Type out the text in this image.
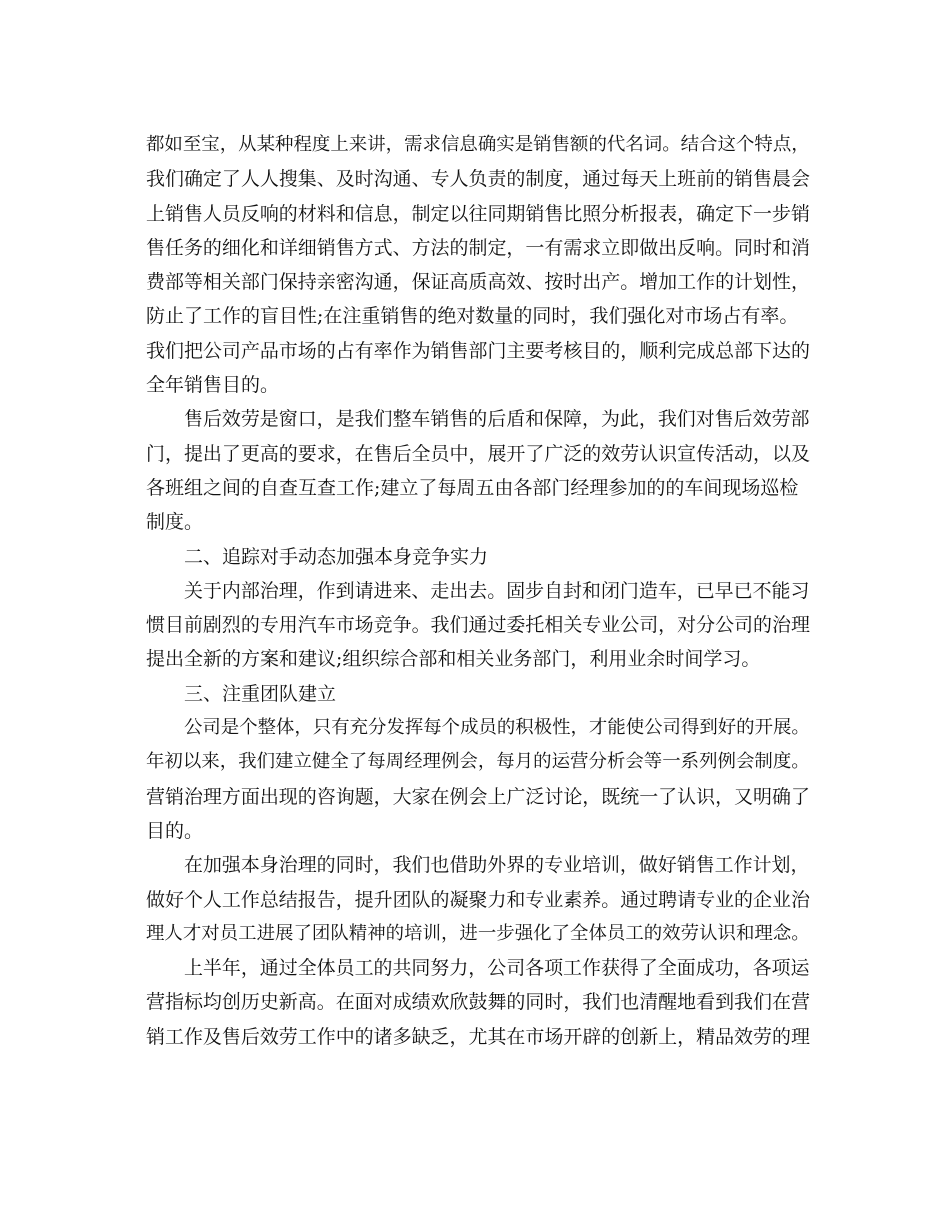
都如至宝，从某种程度上来讲，需求信息确实是销售额的代名词。结合这个特点，
我们确定了人人搜集、及时沟通、专人负责的制度，通过每天上班前的销售晨会
上销售人员反响的材料和信息，制定以往同期销售比照分析报表，确定下一步销
售任务的细化和详细销售方式、方法的制定，一有需求立即做出反响。同时和消
费部等相关部门保持亲密沟通，保证高质高效、按时出产。增加工作的计划性，
防止了工作的盲目性;在注重销售的绝对数量的同时，我们强化对市场占有率。
我们把公司产品市场的占有率作为销售部门主要考核目的，顺利完成总部下达的
全年销售目的。
售后效劳是窗口，是我们整车销售的后盾和保障，为此，我们对售后效劳部
门，提出了更高的要求，在售后全员中，展开了广泛的效劳认识宣传活动，以及
各班组之间的自查互查工作;建立了每周五由各部门经理参加的的车间现场巡检
制度。
二、追踪对手动态加强本身竞争实力
关于内部治理，作到请进来、走出去。固步自封和闭门造车，已早已不能习
惯目前剧烈的专用汽车市场竞争。我们通过委托相关专业公司，对分公司的治理
提出全新的方案和建议;组织综合部和相关业务部门，利用业余时间学习。
三、注重团队建立
公司是个整体，只有充分发挥每个成员的积极性，才能使公司得到好的开展。
年初以来，我们建立健全了每周经理例会，每月的运营分析会等一系列例会制度。
营销治理方面出现的咨询题，大家在例会上广泛讨论，既统一了认识，又明确了
目的。
在加强本身治理的同时，我们也借助外界的专业培训，做好销售工作计划，
做好个人工作总结报告，提升团队的凝聚力和专业素养。通过聘请专业的企业治
理人才对员工进展了团队精神的培训，进一步强化了全体员工的效劳认识和理念。
上半年，通过全体员工的共同努力，公司各项工作获得了全面成功，各项运
营指标均创历史新高。在面对成绩欢欣鼓舞的同时，我们也清醒地看到我们在营
销工作及售后效劳工作中的诸多缺乏，尤其在市场开辟的创新上，精品效劳的理
